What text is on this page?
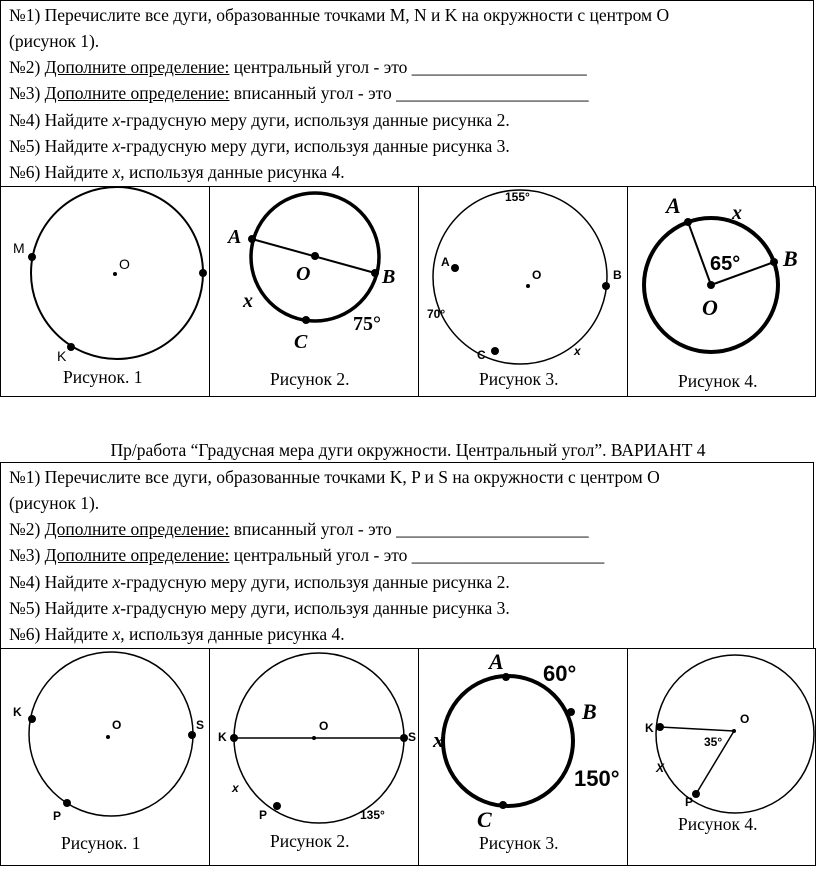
№1) Перечислите все дуги, образованные точками M, N и K на окружности с центром O
(рисунок 1).
№2) Дополните определение: центральный угол - это ____________________
№3) Дополните определение: вписанный угол - это ______________________
№4) Найдите x-градусную меру дуги, используя данные рисунка 2.
№5) Найдите x-градусную меру дуги, используя данные рисунка 3.
№6) Найдите x, используя данные рисунка 4.
M
O
K
Рисунок. 1
A
O	B
x
C
75°
Рисунок 2.
155°
A
O	B
70°
C	x
Рисунок 3.
A	x
65° B
O
Рисунок 4.
Пр/работа “Градусная мера дуги окружности. Центральный угол”. ВАРИАНТ 4
№1) Перечислите все дуги, образованные точками K, P и S на окружности с центром O
(рисунок 1).
№2) Дополните определение: вписанный угол - это ______________________
№3) Дополните определение: центральный угол - это ______________________
№4) Найдите x-градусную меру дуги, используя данные рисунка 2.
№5) Найдите x-градусную меру дуги, используя данные рисунка 3.
№6) Найдите x, используя данные рисунка 4.
K
O	S
P
Рисунок. 1
K
O
S
x
P	135°
Рисунок 2.
A 60°
B
x
150°
C
Рисунок 3.
K
O
35°
X
P
Рисунок 4.
